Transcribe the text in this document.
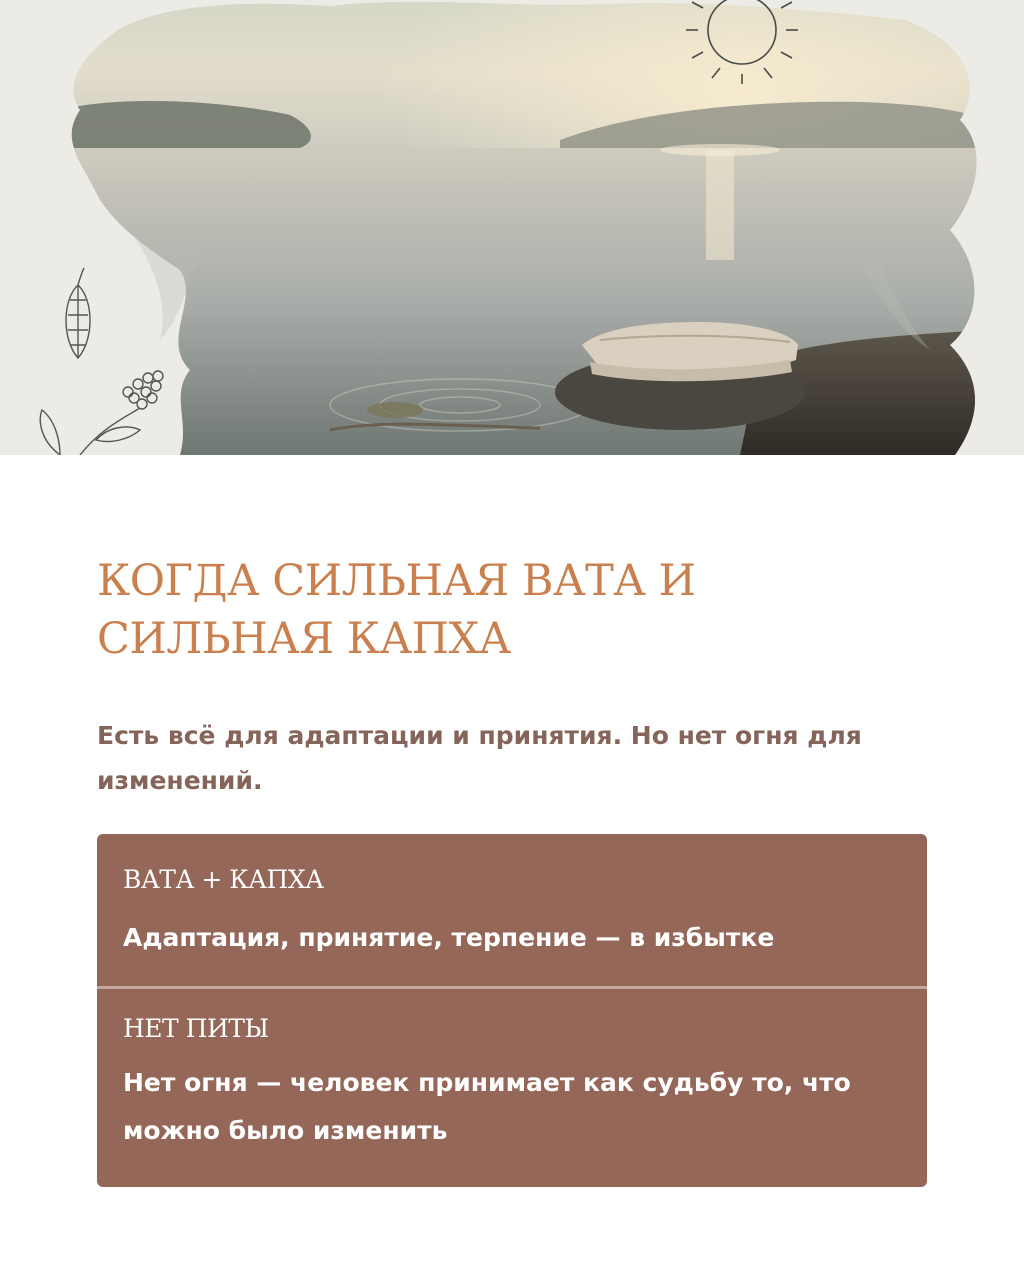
КОГДА СИЛЬНАЯ ВАТА И СИЛЬНАЯ КАПХА

Есть всё для адаптации и принятия. Но нет огня для изменений.

ВАТА + КАПХА
Адаптация, принятие, терпение — в избытке
НЕТ ПИТЫ
Нет огня — человек принимает как судьбу то, что можно было изменить
